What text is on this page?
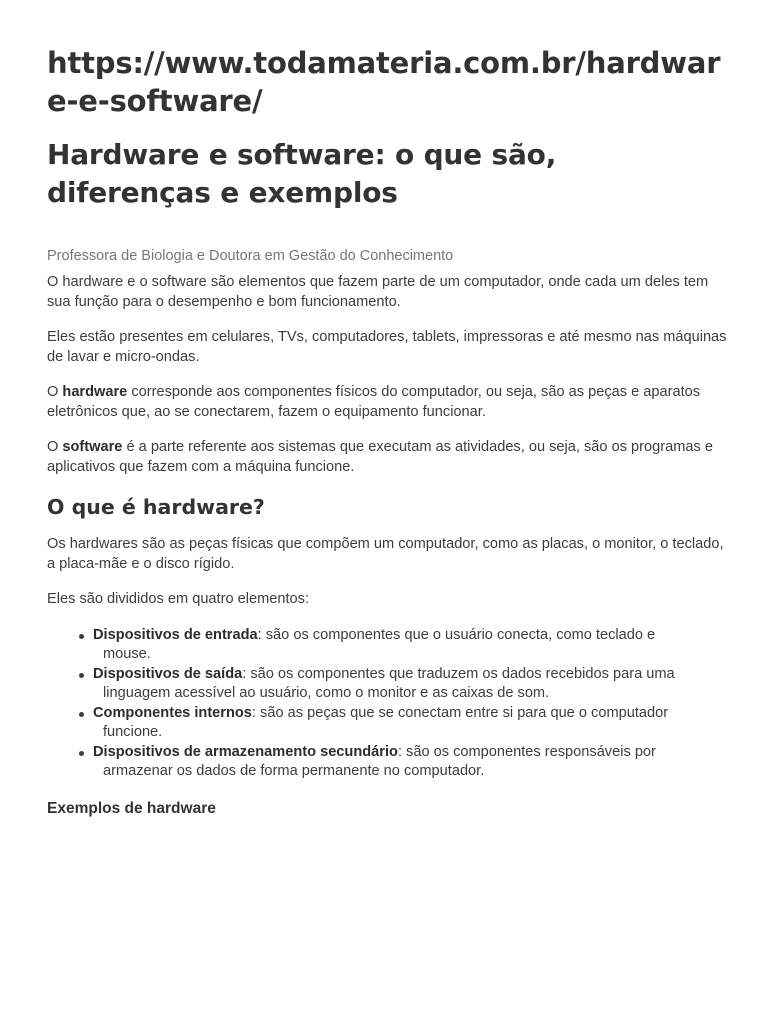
https://www.todamateria.com.br/hardware-e-software/
Hardware e software: o que são, diferenças e exemplos
Professora de Biologia e Doutora em Gestão do Conhecimento

O hardware e o software são elementos que fazem parte de um computador, onde cada um deles tem sua função para o desempenho e bom funcionamento.

Eles estão presentes em celulares, TVs, computadores, tablets, impressoras e até mesmo nas máquinas de lavar e micro-ondas.

O hardware corresponde aos componentes físicos do computador, ou seja, são as peças e aparatos eletrônicos que, ao se conectarem, fazem o equipamento funcionar.

O software é a parte referente aos sistemas que executam as atividades, ou seja, são os programas e aplicativos que fazem com a máquina funcione.

O que é hardware?

Os hardwares são as peças físicas que compõem um computador, como as placas, o monitor, o teclado, a placa-mãe e o disco rígido.

Eles são divididos em quatro elementos:

Dispositivos de entrada: são os componentes que o usuário conecta, como teclado e
mouse.
Dispositivos de saída: são os componentes que traduzem os dados recebidos para uma
linguagem acessível ao usuário, como o monitor e as caixas de som.
Componentes internos: são as peças que se conectam entre si para que o computador
funcione.
Dispositivos de armazenamento secundário: são os componentes responsáveis por
armazenar os dados de forma permanente no computador.
Exemplos de hardware
